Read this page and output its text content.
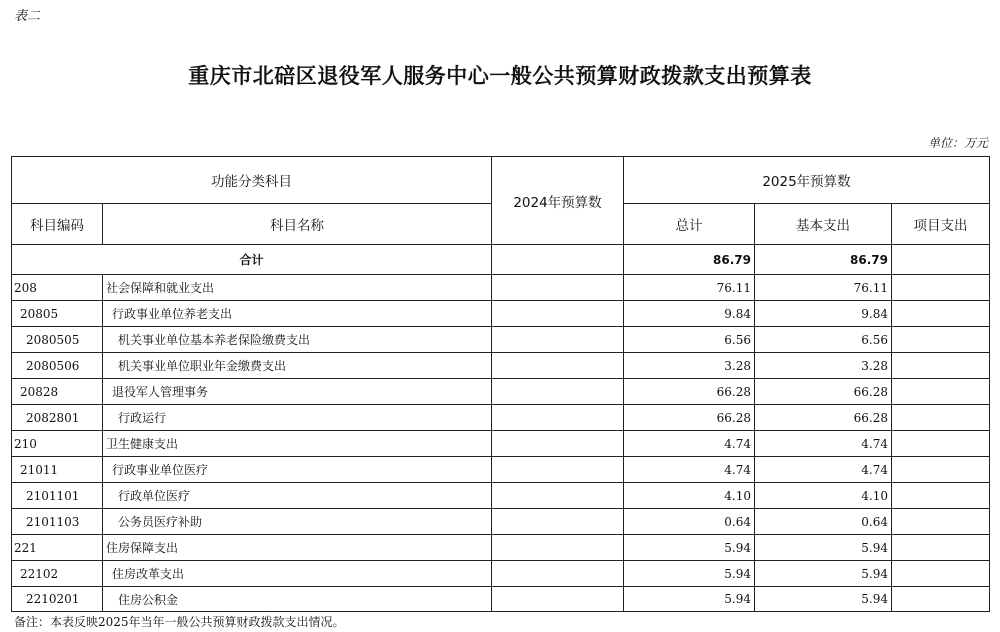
表二
重庆市北碚区退役军人服务中心一般公共预算财政拨款支出预算表
单位：万元
功能分类科目		2024年预算数	2025年预算数		
科目编码	科目名称		总计	基本支出	项目支出
合计			86.79	86.79	
208	社会保障和就业支出		76.11	76.11	
20805	行政事业单位养老支出		9.84	9.84	
2080505	机关事业单位基本养老保险缴费支出		6.56	6.56	
2080506	机关事业单位职业年金缴费支出		3.28	3.28	
20828	退役军人管理事务		66.28	66.28	
2082801	行政运行		66.28	66.28	
210	卫生健康支出		4.74	4.74	
21011	行政事业单位医疗		4.74	4.74	
2101101	行政单位医疗		4.10	4.10	
2101103	公务员医疗补助		0.64	0.64	
221	住房保障支出		5.94	5.94	
22102	住房改革支出		5.94	5.94	
2210201	住房公积金		5.94	5.94	
备注：本表反映2025年当年一般公共预算财政拨款支出情况。
